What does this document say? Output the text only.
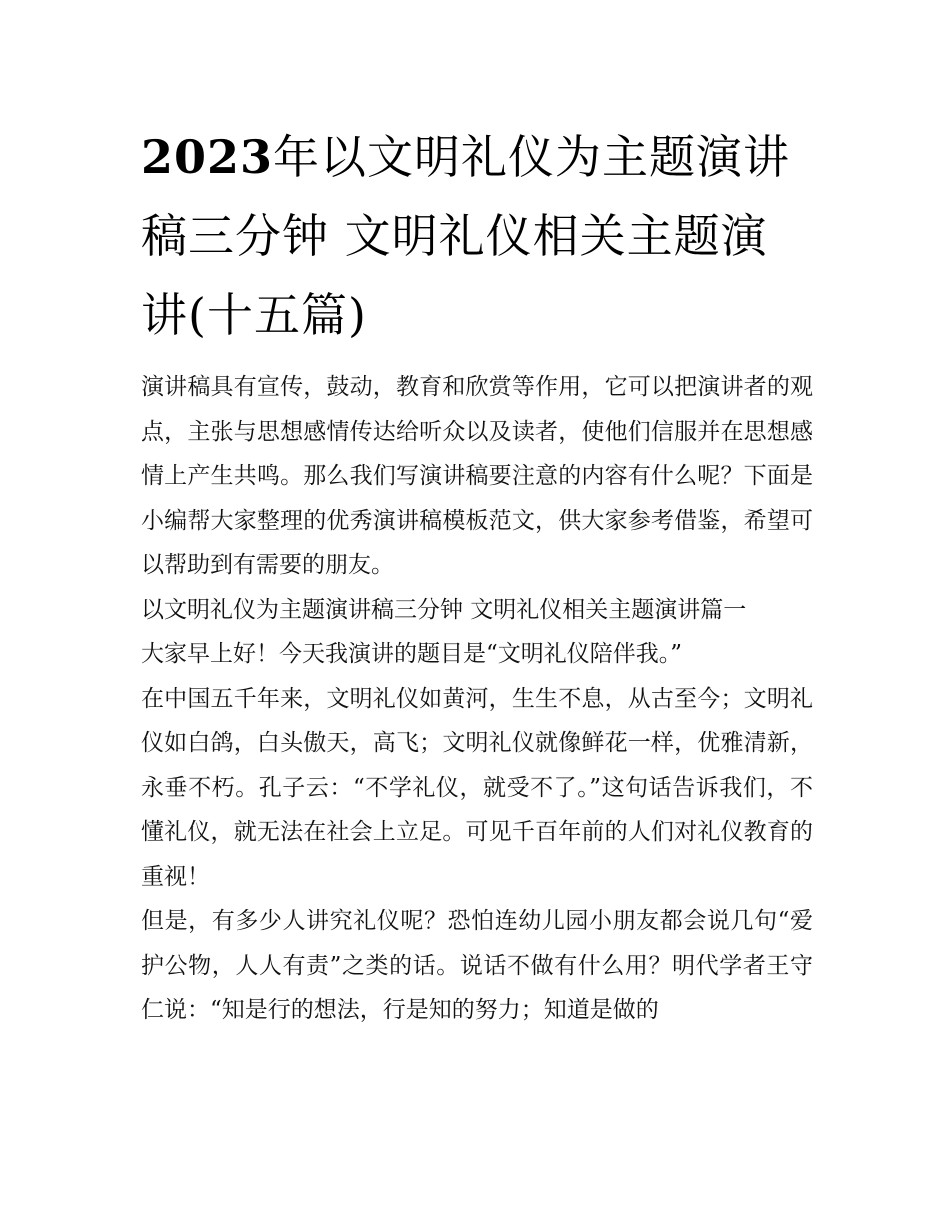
2023年以文明礼仪为主题演讲稿三分钟 文明礼仪相关主题演讲(十五篇)

演讲稿具有宣传，鼓动，教育和欣赏等作用，它可以把演讲者的观点，主张与思想感情传达给听众以及读者，使他们信服并在思想感情上产生共鸣。那么我们写演讲稿要注意的内容有什么呢？下面是小编帮大家整理的优秀演讲稿模板范文，供大家参考借鉴，希望可以帮助到有需要的朋友。

以文明礼仪为主题演讲稿三分钟 文明礼仪相关主题演讲篇一

大家早上好！今天我演讲的题目是“文明礼仪陪伴我。”

在中国五千年来，文明礼仪如黄河，生生不息，从古至今；文明礼仪如白鸽，白头傲天，高飞；文明礼仪就像鲜花一样，优雅清新，永垂不朽。孔子云：“不学礼仪，就受不了。”这句话告诉我们，不懂礼仪，就无法在社会上立足。可见千百年前的人们对礼仪教育的重视！

但是，有多少人讲究礼仪呢？恐怕连幼儿园小朋友都会说几句“爱护公物，人人有责”之类的话。说话不做有什么用？明代学者王守仁说：“知是行的想法，行是知的努力；知道是做的
